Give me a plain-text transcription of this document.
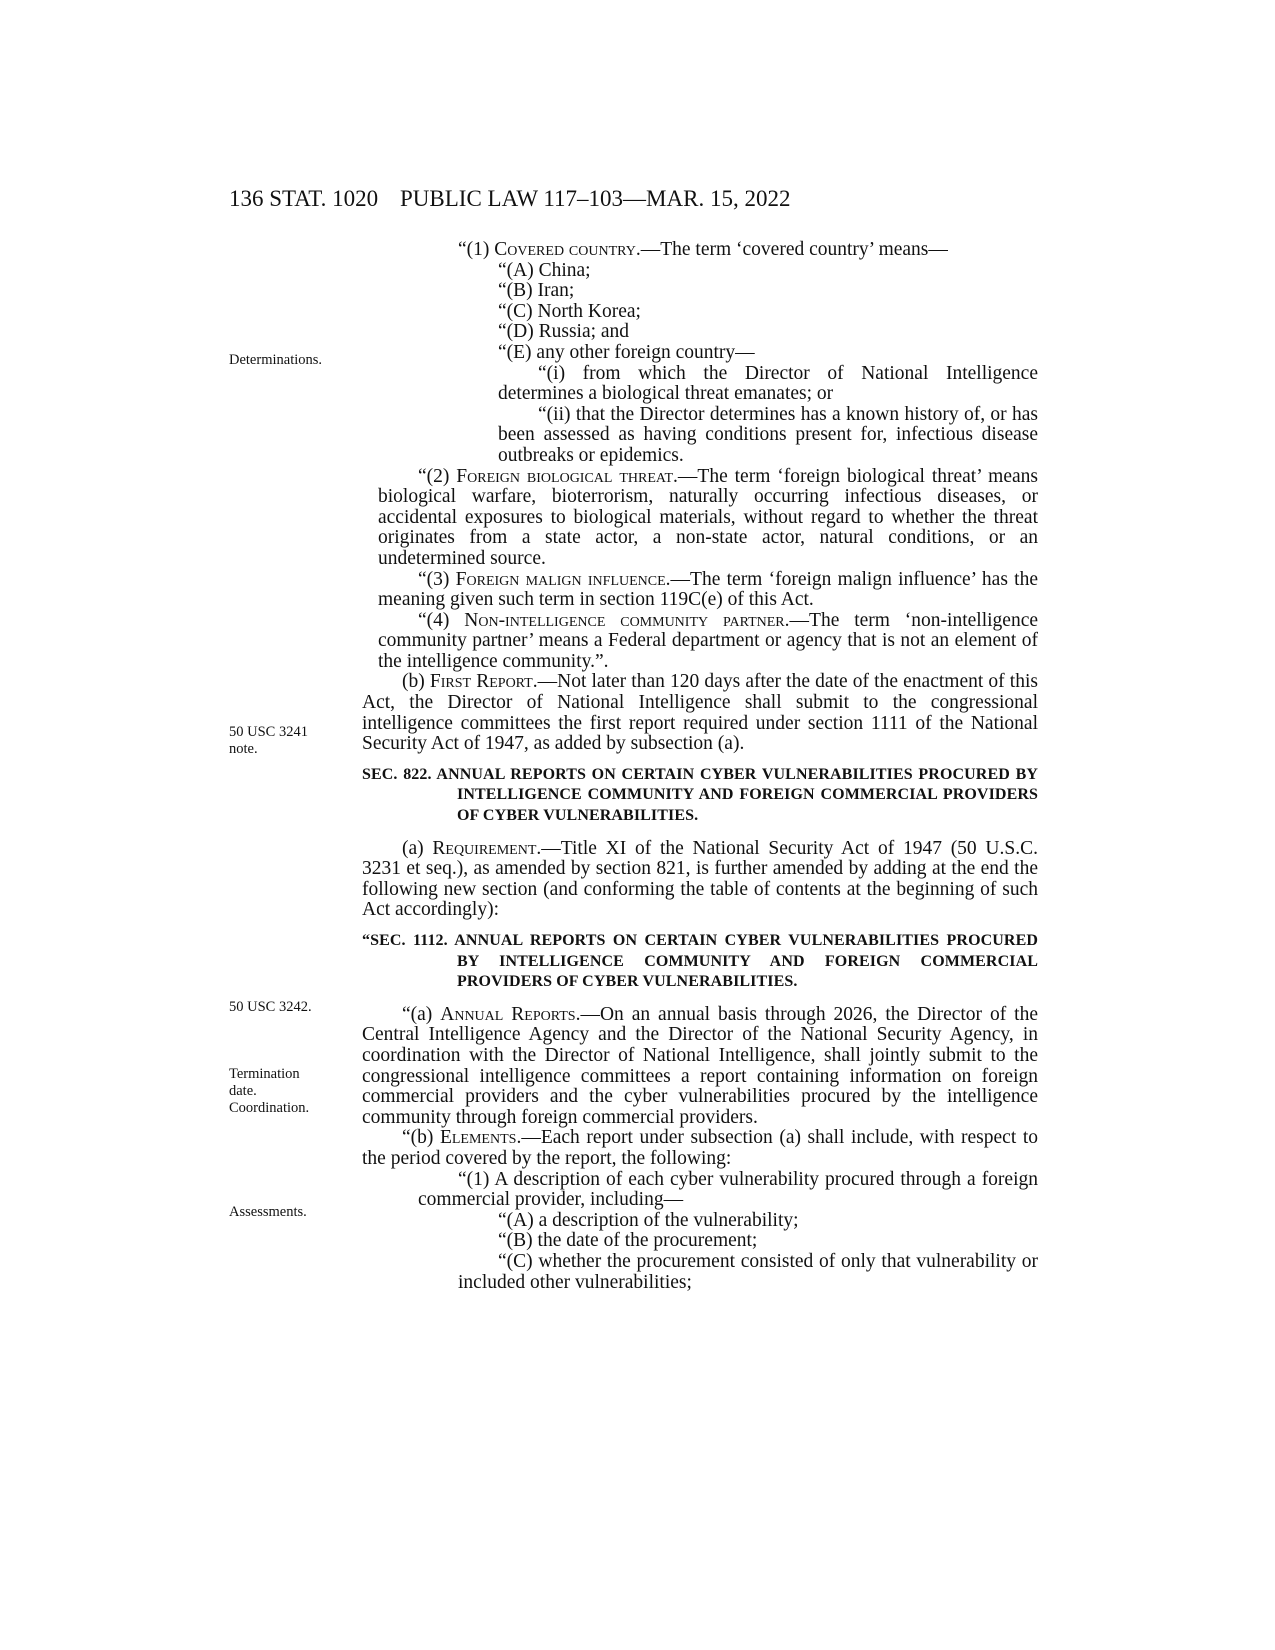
136 STAT. 1020 PUBLIC LAW 117–103—MAR. 15, 2022
Determinations.
50 USC 3241
note.
50 USC 3242.
Termination
date.
Coordination.
Assessments.

“(1) Covered country.—The term ‘covered country’ means—

“(A) China;

“(B) Iran;

“(C) North Korea;

“(D) Russia; and

“(E) any other foreign country—

“(i) from which the Director of National Intelligence determines a biological threat emanates; or

“(ii) that the Director determines has a known history of, or has been assessed as having conditions present for, infectious disease outbreaks or epidemics.

“(2) Foreign biological threat.—The term ‘foreign biological threat’ means biological warfare, bioterrorism, naturally occurring infectious diseases, or accidental exposures to biological materials, without regard to whether the threat originates from a state actor, a non-state actor, natural conditions, or an undetermined source.

“(3) Foreign malign influence.—The term ‘foreign malign influence’ has the meaning given such term in section 119C(e) of this Act.

“(4) Non-intelligence community partner.—The term ‘non-intelligence community partner’ means a Federal department or agency that is not an element of the intelligence community.”.

(b) First Report.—Not later than 120 days after the date of the enactment of this Act, the Director of National Intelligence shall submit to the congressional intelligence committees the first report required under section 1111 of the National Security Act of 1947, as added by subsection (a).

SEC. 822. ANNUAL REPORTS ON CERTAIN CYBER VULNERABILITIES PROCURED BY INTELLIGENCE COMMUNITY AND FOREIGN COMMERCIAL PROVIDERS OF CYBER VULNERABILITIES.

(a) Requirement.—Title XI of the National Security Act of 1947 (50 U.S.C. 3231 et seq.), as amended by section 821, is further amended by adding at the end the following new section (and conforming the table of contents at the beginning of such Act accordingly):

“SEC. 1112. ANNUAL REPORTS ON CERTAIN CYBER VULNERABILITIES PROCURED BY INTELLIGENCE COMMUNITY AND FOREIGN COMMERCIAL PROVIDERS OF CYBER VULNERABILITIES.

“(a) Annual Reports.—On an annual basis through 2026, the Director of the Central Intelligence Agency and the Director of the National Security Agency, in coordination with the Director of National Intelligence, shall jointly submit to the congressional intelligence committees a report containing information on foreign commercial providers and the cyber vulnerabilities procured by the intelligence community through foreign commercial providers.

“(b) Elements.—Each report under subsection (a) shall include, with respect to the period covered by the report, the following:

“(1) A description of each cyber vulnerability procured through a foreign commercial provider, including—

“(A) a description of the vulnerability;

“(B) the date of the procurement;

“(C) whether the procurement consisted of only that vulnerability or included other vulnerabilities;
